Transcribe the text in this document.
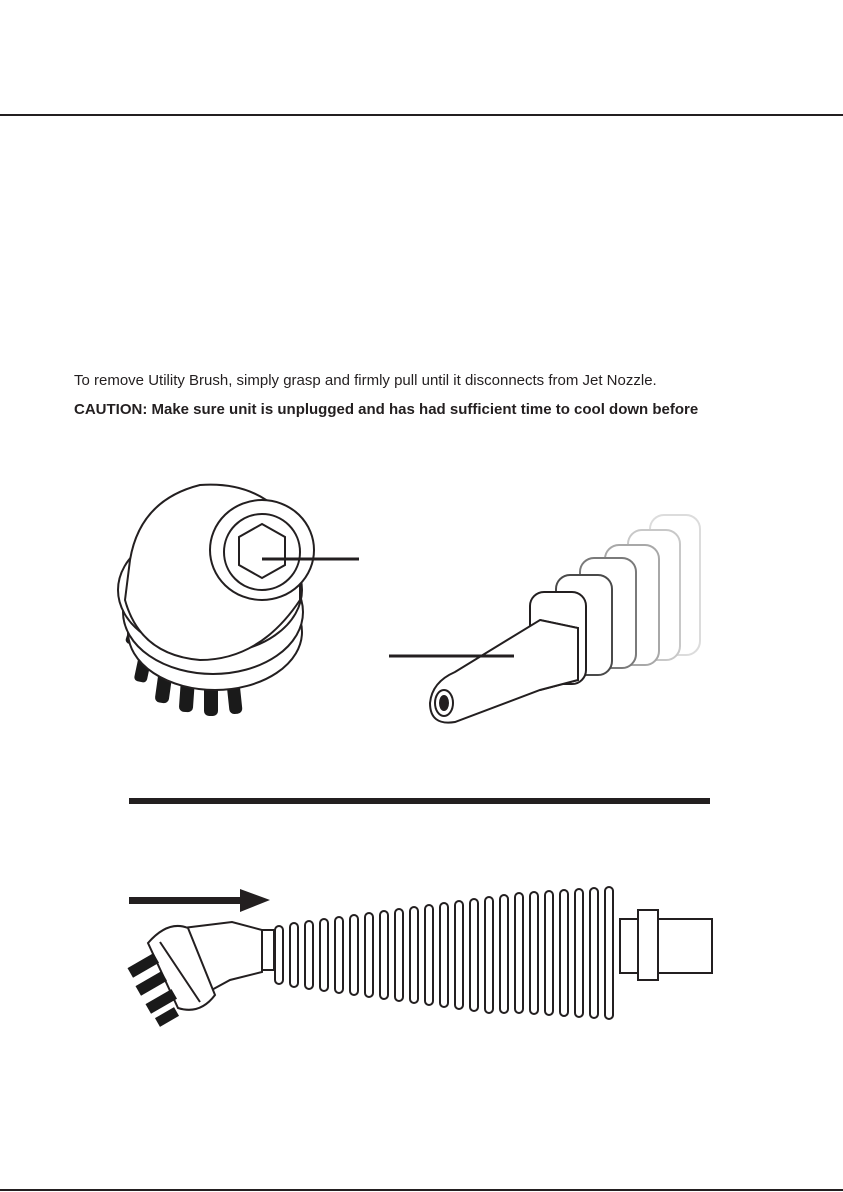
To remove Utility Brush, simply grasp and firmly pull until it disconnects from Jet Nozzle.

CAUTION: Make sure unit is unplugged and has had sufficient time to cool down before
